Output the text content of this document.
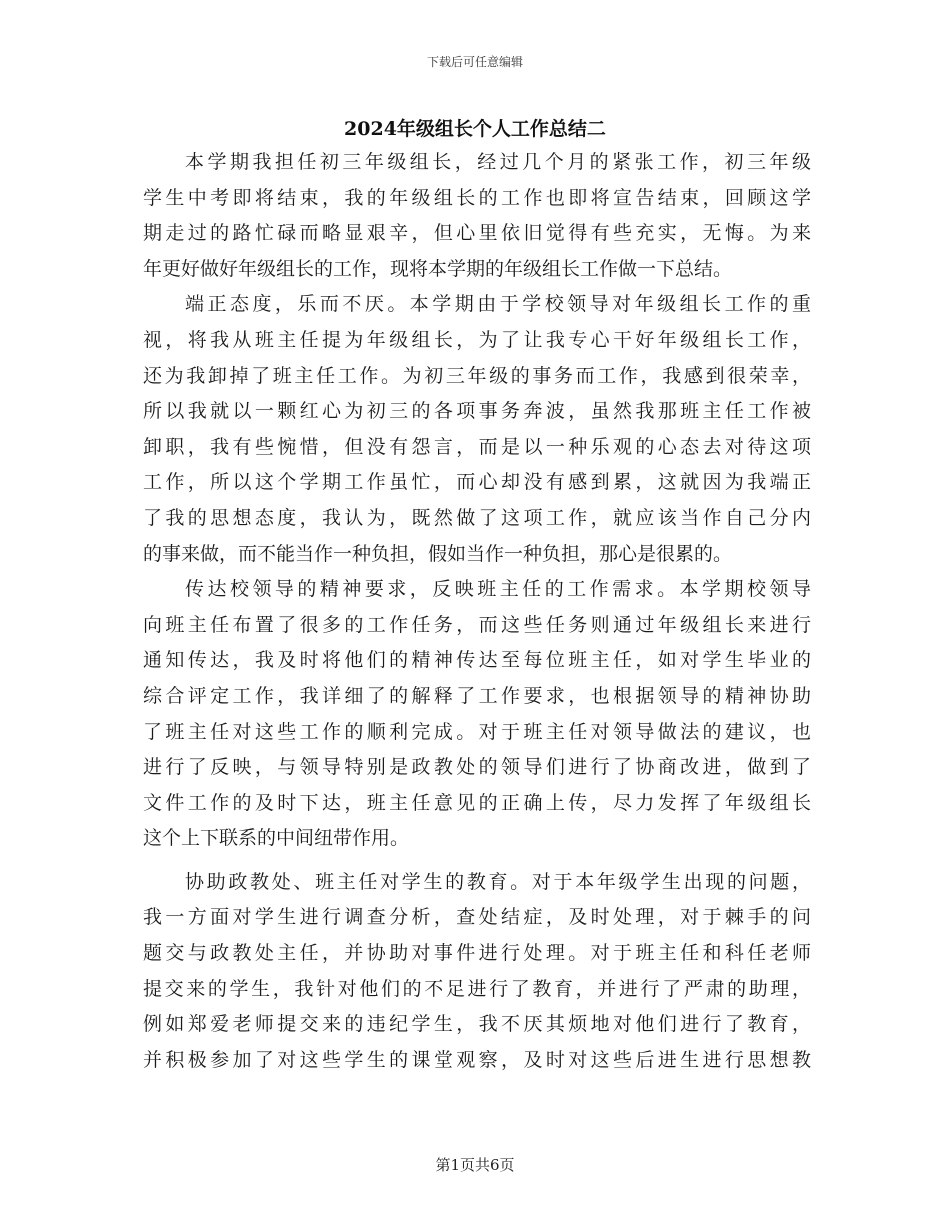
下载后可任意编辑
2024年级组长个人工作总结二
本学期我担任初三年级组长，经过几个月的紧张工作，初三年级
学生中考即将结束，我的年级组长的工作也即将宣告结束，回顾这学
期走过的路忙碌而略显艰辛，但心里依旧觉得有些充实，无悔。为来
年更好做好年级组长的工作，现将本学期的年级组长工作做一下总结。
端正态度，乐而不厌。本学期由于学校领导对年级组长工作的重
视，将我从班主任提为年级组长，为了让我专心干好年级组长工作，
还为我卸掉了班主任工作。为初三年级的事务而工作，我感到很荣幸，
所以我就以一颗红心为初三的各项事务奔波，虽然我那班主任工作被
卸职，我有些惋惜，但没有怨言，而是以一种乐观的心态去对待这项
工作，所以这个学期工作虽忙，而心却没有感到累，这就因为我端正
了我的思想态度，我认为，既然做了这项工作，就应该当作自己分内
的事来做，而不能当作一种负担，假如当作一种负担，那心是很累的。
传达校领导的精神要求，反映班主任的工作需求。本学期校领导
向班主任布置了很多的工作任务，而这些任务则通过年级组长来进行
通知传达，我及时将他们的精神传达至每位班主任，如对学生毕业的
综合评定工作，我详细了的解释了工作要求，也根据领导的精神协助
了班主任对这些工作的顺利完成。对于班主任对领导做法的建议，也
进行了反映，与领导特别是政教处的领导们进行了协商改进，做到了
文件工作的及时下达，班主任意见的正确上传，尽力发挥了年级组长
这个上下联系的中间纽带作用。
协助政教处、班主任对学生的教育。对于本年级学生出现的问题，
我一方面对学生进行调查分析，查处结症，及时处理，对于棘手的问
题交与政教处主任，并协助对事件进行处理。对于班主任和科任老师
提交来的学生，我针对他们的不足进行了教育，并进行了严肃的助理，
例如郑爱老师提交来的违纪学生，我不厌其烦地对他们进行了教育，
并积极参加了对这些学生的课堂观察，及时对这些后进生进行思想教
第1页共6页
